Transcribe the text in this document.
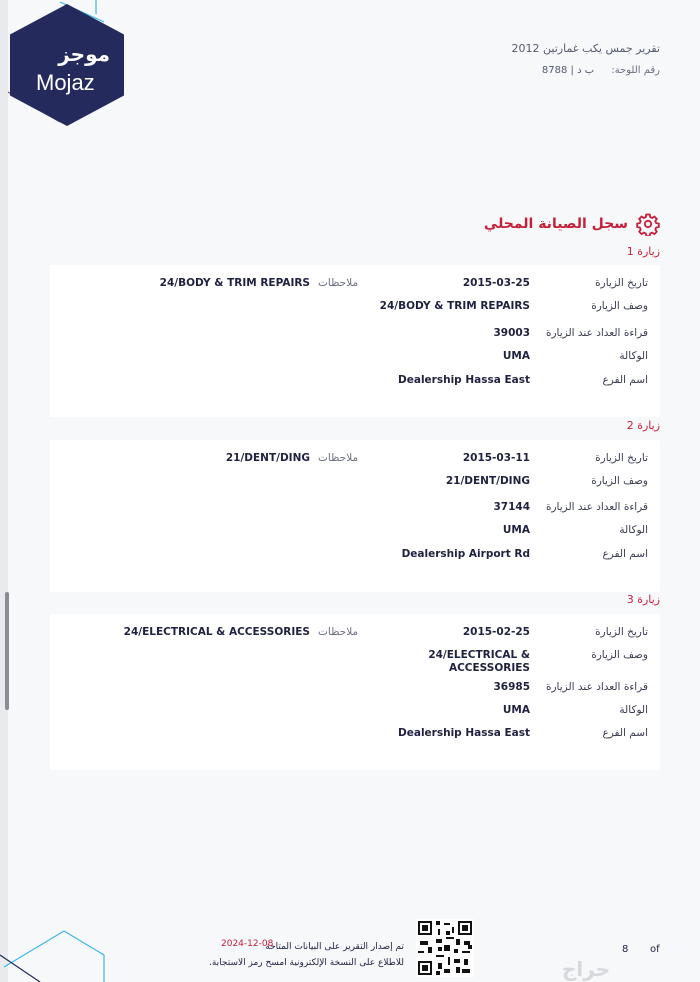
موجز
Mojaz
تقرير جمس يكب غمارتين 2012
رقم اللوحة: ب د | 8788
سجل الصيانة المحلي
زيارة 1
تاريخ الزيارة
2015-03-25
24/BODY & TRIM REPAIRS ملاحظات
وصف الزيارة
24/BODY & TRIM REPAIRS
قراءة العداد عند الزيارة
39003
الوكالة
UMA
اسم الفرع
Dealership Hassa East
زيارة 2
تاريخ الزيارة
2015-03-11
21/DENT/DING ملاحظات
وصف الزيارة
21/DENT/DING
قراءة العداد عند الزيارة
37144
الوكالة
UMA
اسم الفرع
Dealership Airport Rd
زيارة 3
تاريخ الزيارة
2015-02-25
24/ELECTRICAL & ACCESSORIES ملاحظات
وصف الزيارة
24/ELECTRICAL &
ACCESSORIES
قراءة العداد عند الزيارة
36985
الوكالة
UMA
اسم الفرع
Dealership Hassa East
تم إصدار التقرير على البيانات المتاحة
للاطلاع على النسخة الإلكترونية امسح رمز الاستجابة.
2024-12-08	8 of
حراج
